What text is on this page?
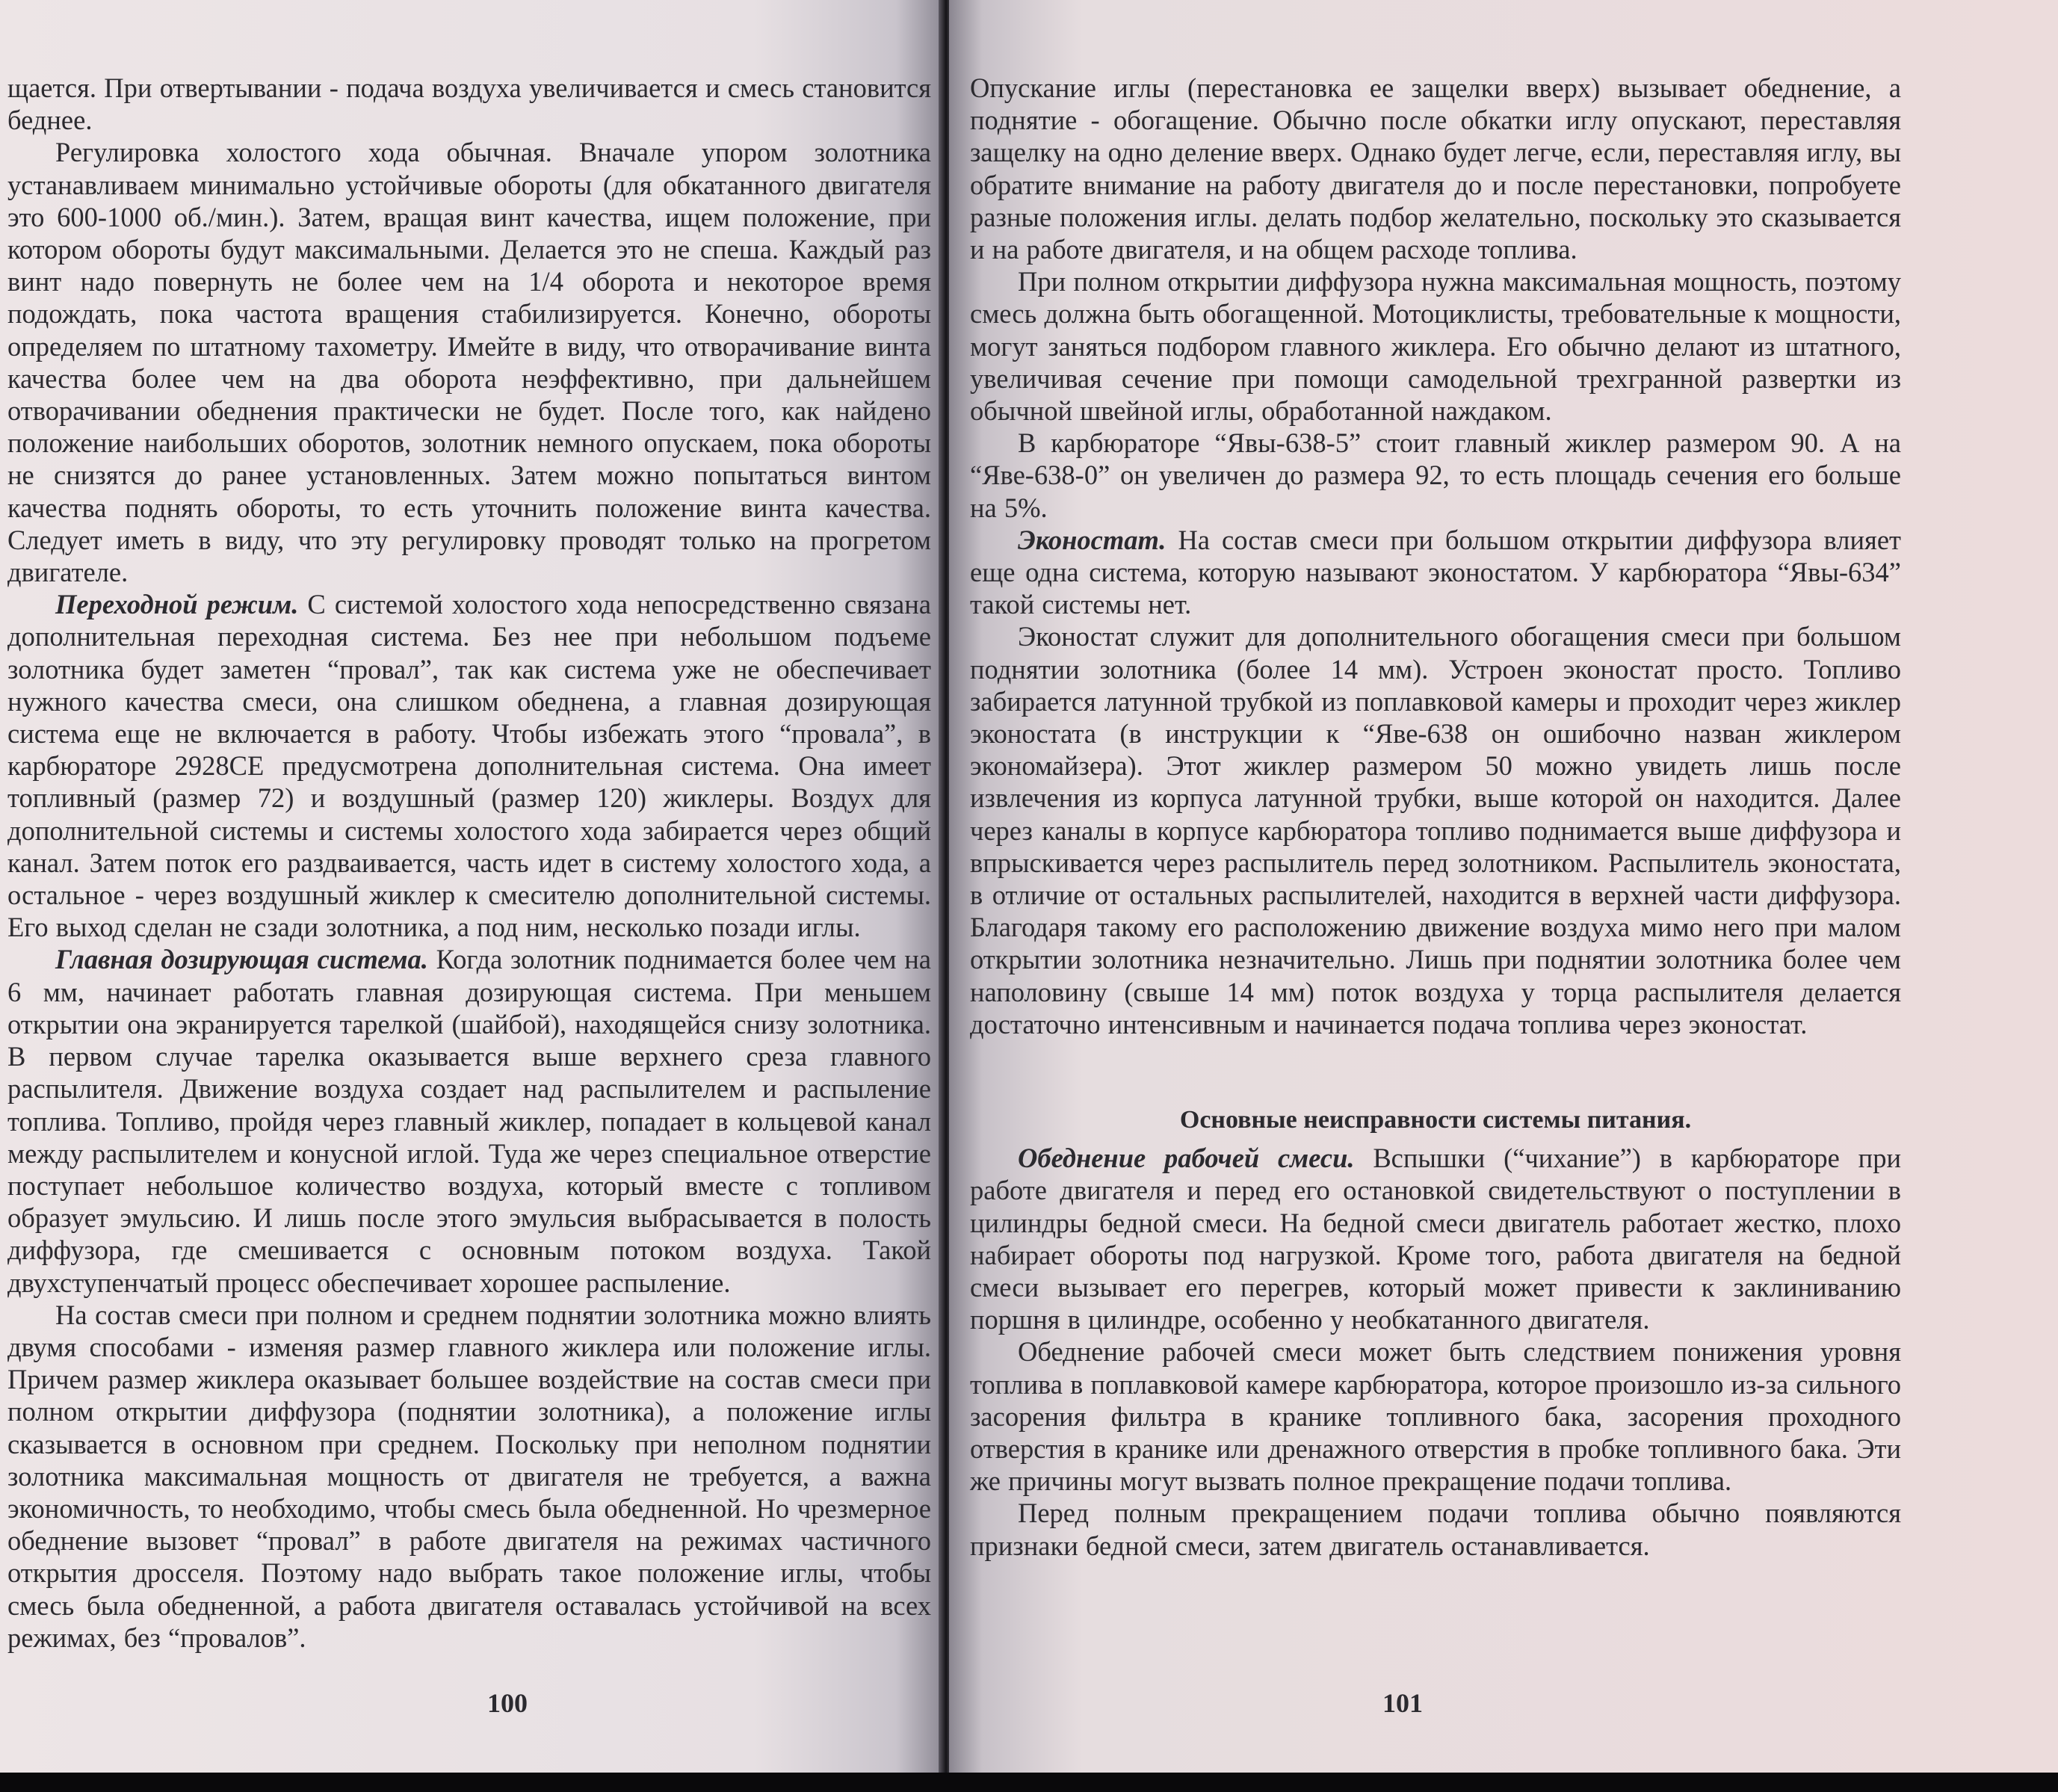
щается. При отвертывании - подача воздуха увеличивается и смесь становится беднее.

Регулировка холостого хода обычная. Вначале упором золотника устанавливаем минимально устойчивые обороты (для обкатанного двигателя это 600-1000 об./мин.). Затем, вращая винт качества, ищем положение, при котором обороты будут максимальными. Делается это не спеша. Каждый раз винт надо повернуть не более чем на 1/4 оборота и некоторое время подождать, пока частота вращения стабилизируется. Конечно, обороты определяем по штатному тахометру. Имейте в виду, что отворачивание винта качества более чем на два оборота неэффективно, при дальнейшем отворачивании обеднения практически не будет. После того, как найдено положение наибольших оборотов, золотник немного опускаем, пока обороты не снизятся до ранее установленных. Затем можно попытаться винтом качества поднять обороты, то есть уточнить положение винта качества. Следует иметь в виду, что эту регулировку проводят только на прогретом двигателе.

Переходной режим. С системой холостого хода непосредственно связана дополнительная переходная система. Без нее при небольшом подъеме золотника будет заметен “провал”, так как система уже не обеспечивает нужного качества смеси, она слишком обеднена, а главная дозирующая система еще не включается в работу. Чтобы избежать этого “провала”, в карбюраторе 2928СЕ предусмотрена дополнительная система. Она имеет топливный (размер 72) и воздушный (размер 120) жиклеры. Воздух для дополнительной системы и системы холостого хода забирается через общий канал. Затем поток его раздваивается, часть идет в систему холостого хода, а остальное - через воздушный жиклер к смесителю дополнительной системы. Его выход сделан не сзади золотника, а под ним, несколько позади иглы.

Главная дозирующая система. Когда золотник поднимается более чем на 6 мм, начинает работать главная дозирующая система. При меньшем открытии она экранируется тарелкой (шайбой), находящейся снизу золотника. В первом случае тарелка оказывается выше верхнего среза главного распылителя. Движение воздуха создает над распылителем и распыление топлива. Топливо, пройдя через главный жиклер, попадает в кольцевой канал между распылителем и конусной иглой. Туда же через специальное отверстие поступает небольшое количество воздуха, который вместе с топливом образует эмульсию. И лишь после этого эмульсия выбрасывается в полость диффузора, где смешивается с основным потоком воздуха. Такой двухступенчатый процесс обеспечивает хорошее распыление.

На состав смеси при полном и среднем поднятии золотника можно влиять двумя способами - изменяя размер главного жиклера или положение иглы. Причем размер жиклера оказывает большее воздействие на состав смеси при полном открытии диффузора (поднятии золотника), а положение иглы сказывается в основном при среднем. Поскольку при неполном поднятии золотника максимальная мощность от двигателя не требуется, а важна экономичность, то необходимо, чтобы смесь была обедненной. Но чрезмерное обеднение вызовет “провал” в работе двигателя на режимах частичного открытия дросселя. Поэтому надо выбрать такое положение иглы, чтобы смесь была обедненной, а работа двигателя оставалась устойчивой на всех режимах, без “провалов”.

Опускание иглы (перестановка ее защелки вверх) вызывает обеднение, а поднятие - обогащение. Обычно после обкатки иглу опускают, переставляя защелку на одно деление вверх. Однако будет легче, если, переставляя иглу, вы обратите внимание на работу двигателя до и после перестановки, попробуете разные положения иглы. делать подбор желательно, поскольку это сказывается и на работе двигателя, и на общем расходе топлива.

При полном открытии диффузора нужна максимальная мощность, поэтому смесь должна быть обогащенной. Мотоциклисты, требовательные к мощности, могут заняться подбором главного жиклера. Его обычно делают из штатного, увеличивая сечение при помощи самодельной трехгранной развертки из обычной швейной иглы, обработанной наждаком.

В карбюраторе “Явы-638-5” стоит главный жиклер размером 90. А на “Яве-638-0” он увеличен до размера 92, то есть площадь сечения его больше на 5%.

Эконостат. На состав смеси при большом открытии диффузора влияет еще одна система, которую называют эконостатом. У карбюратора “Явы-634” такой системы нет.

Эконостат служит для дополнительного обогащения смеси при большом поднятии золотника (более 14 мм). Устроен эконостат просто. Топливо забирается латунной трубкой из поплавковой камеры и проходит через жиклер эконостата (в инструкции к “Яве-638 он ошибочно назван жиклером экономайзера). Этот жиклер размером 50 можно увидеть лишь после извлечения из корпуса латунной трубки, выше которой он находится. Далее через каналы в корпусе карбюратора топливо поднимается выше диффузора и впрыскивается через распылитель перед золотником. Распылитель эконостата, в отличие от остальных распылителей, находится в верхней части диффузора. Благодаря такому его расположению движение воздуха мимо него при малом открытии золотника незначительно. Лишь при поднятии золотника более чем наполовину (свыше 14 мм) поток воздуха у торца распылителя делается достаточно интенсивным и начинается подача топлива через эконостат.

Основные неисправности системы питания.

Обеднение рабочей смеси. Вспышки (“чихание”) в карбюраторе при работе двигателя и перед его остановкой свидетельствуют о поступлении в цилиндры бедной смеси. На бедной смеси двигатель работает жестко, плохо набирает обороты под нагрузкой. Кроме того, работа двигателя на бедной смеси вызывает его перегрев, который может привести к заклиниванию поршня в цилиндре, особенно у необкатанного двигателя.

Обеднение рабочей смеси может быть следствием понижения уровня топлива в поплавковой камере карбюратора, которое произошло из-за сильного засорения фильтра в кранике топливного бака, засорения проходного отверстия в кранике или дренажного отверстия в пробке топливного бака. Эти же причины могут вызвать полное прекращение подачи топлива.

Перед полным прекращением подачи топлива обычно появляются признаки бедной смеси, затем двигатель останавливается.

100	101
